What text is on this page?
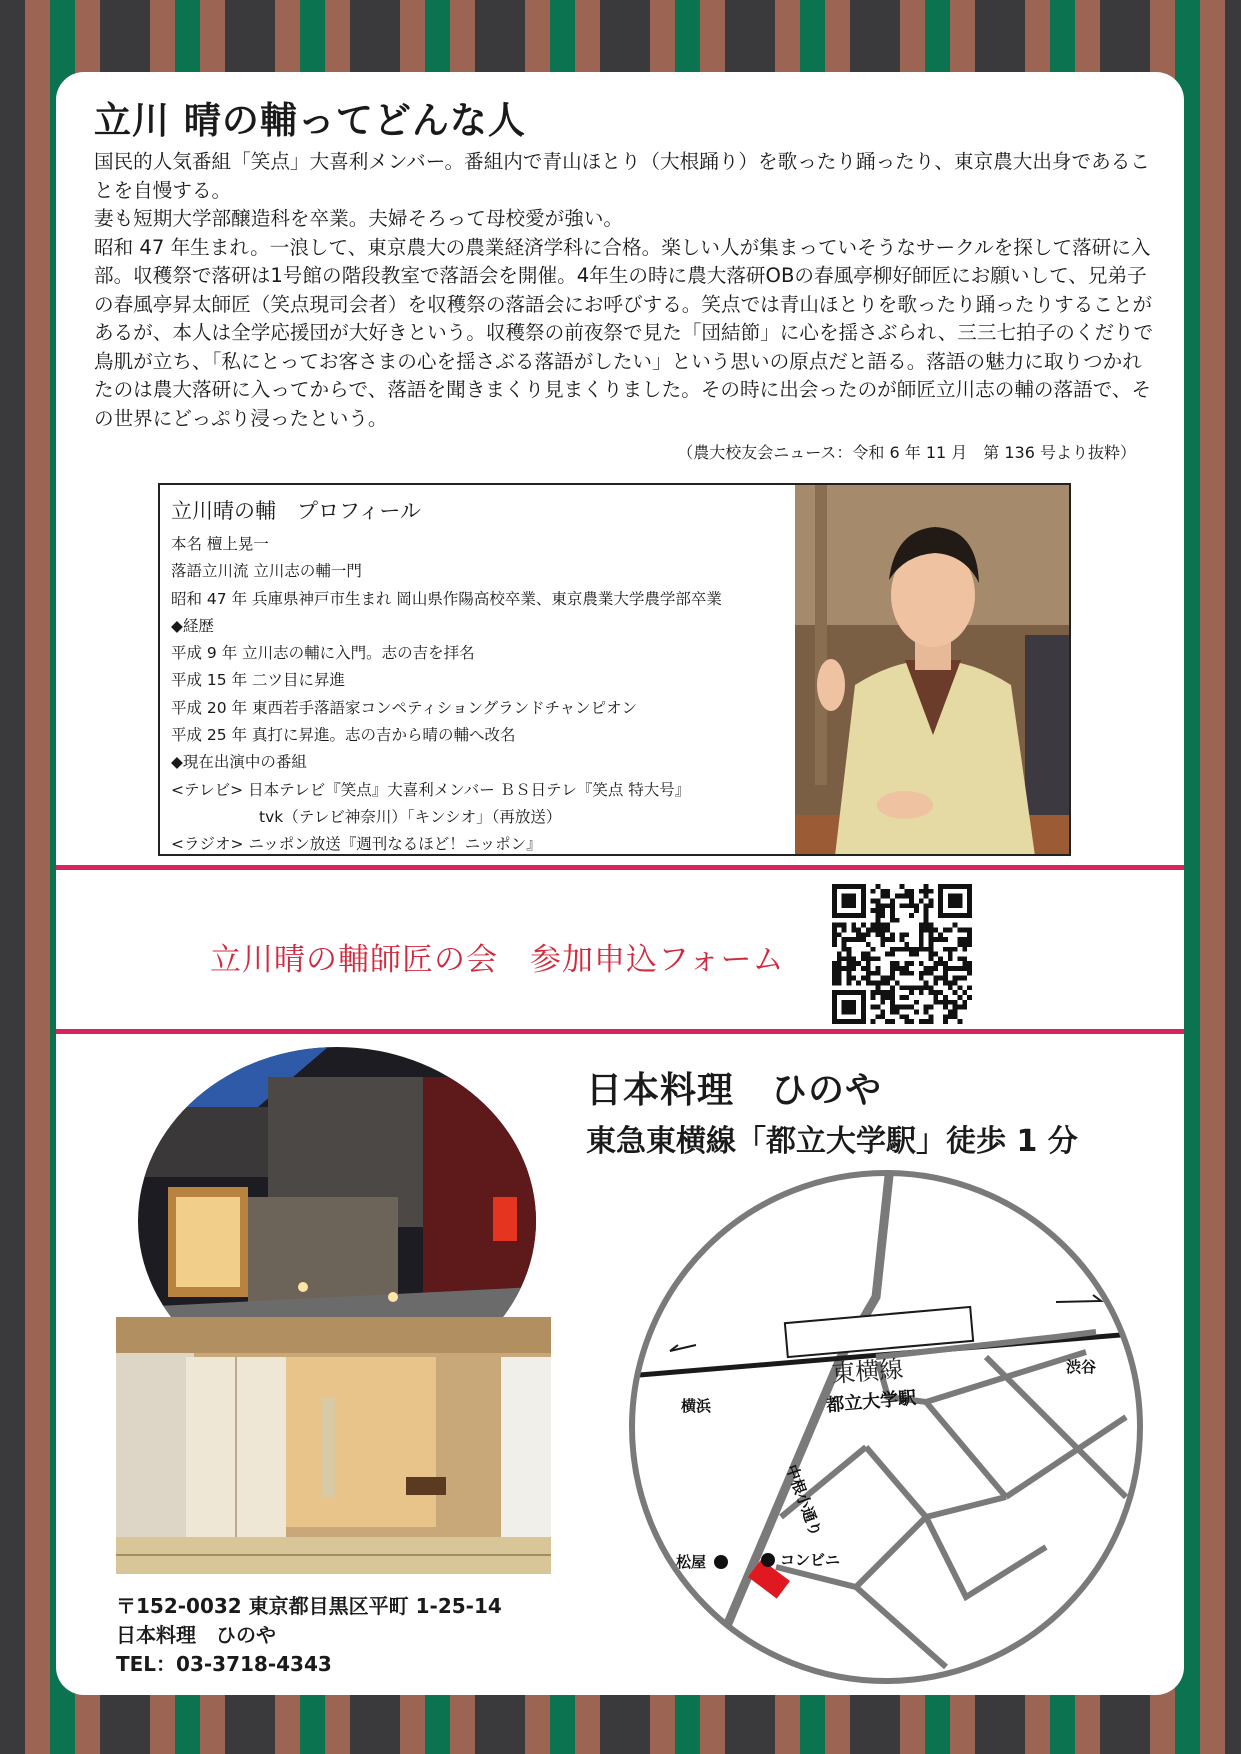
立川 晴の輔ってどんな人

国民的人気番組「笑点」大喜利メンバー。番組内で青山ほとり（大根踊り）を歌ったり踊ったり、東京農大出身であることを自慢する。

妻も短期大学部醸造科を卒業。夫婦そろって母校愛が強い。

昭和 47 年生まれ。一浪して、東京農大の農業経済学科に合格。楽しい人が集まっていそうなサークルを探して落研に入部。収穫祭で落研は1号館の階段教室で落語会を開催。4年生の時に農大落研OBの春風亭柳好師匠にお願いして、兄弟子の春風亭昇太師匠（笑点現司会者）を収穫祭の落語会にお呼びする。笑点では青山ほとりを歌ったり踊ったりすることがあるが、本人は全学応援団が大好きという。収穫祭の前夜祭で見た「団結節」に心を揺さぶられ、三三七拍子のくだりで鳥肌が立ち、「私にとってお客さまの心を揺さぶる落語がしたい」という思いの原点だと語る。落語の魅力に取りつかれたのは農大落研に入ってからで、落語を聞きまくり見まくりました。その時に出会ったのが師匠立川志の輔の落語で、その世界にどっぷり浸ったという。

（農大校友会ニュース：令和 6 年 11 月　第 136 号より抜粋）
立川晴の輔　プロフィール
本名 檀上晃一
落語立川流 立川志の輔一門
昭和 47 年 兵庫県神戸市生まれ 岡山県作陽高校卒業、東京農業大学農学部卒業
◆経歴
平成 9 年 立川志の輔に入門。志の吉を拝名
平成 15 年 二ツ目に昇進
平成 20 年 東西若手落語家コンペティショングランドチャンピオン
平成 25 年 真打に昇進。志の吉から晴の輔へ改名
◆現在出演中の番組
<テレビ> 日本テレビ『笑点』大喜利メンバー ＢＳ日テレ『笑点 特大号』
tvk（テレビ神奈川）「キンシオ」（再放送）
<ラジオ> ニッポン放送『週刊なるほど！ニッポン』
立川晴の輔師匠の会　参加申込フォーム
〒152-0032 東京都目黒区平町 1-25-14
日本料理　ひのや
TEL：03-3718-4343
日本料理　ひのや
東急東横線「都立大学駅」徒歩 1 分
東横線
都立大学駅
横浜
渋谷
中根小通り
松屋	コンビニ
